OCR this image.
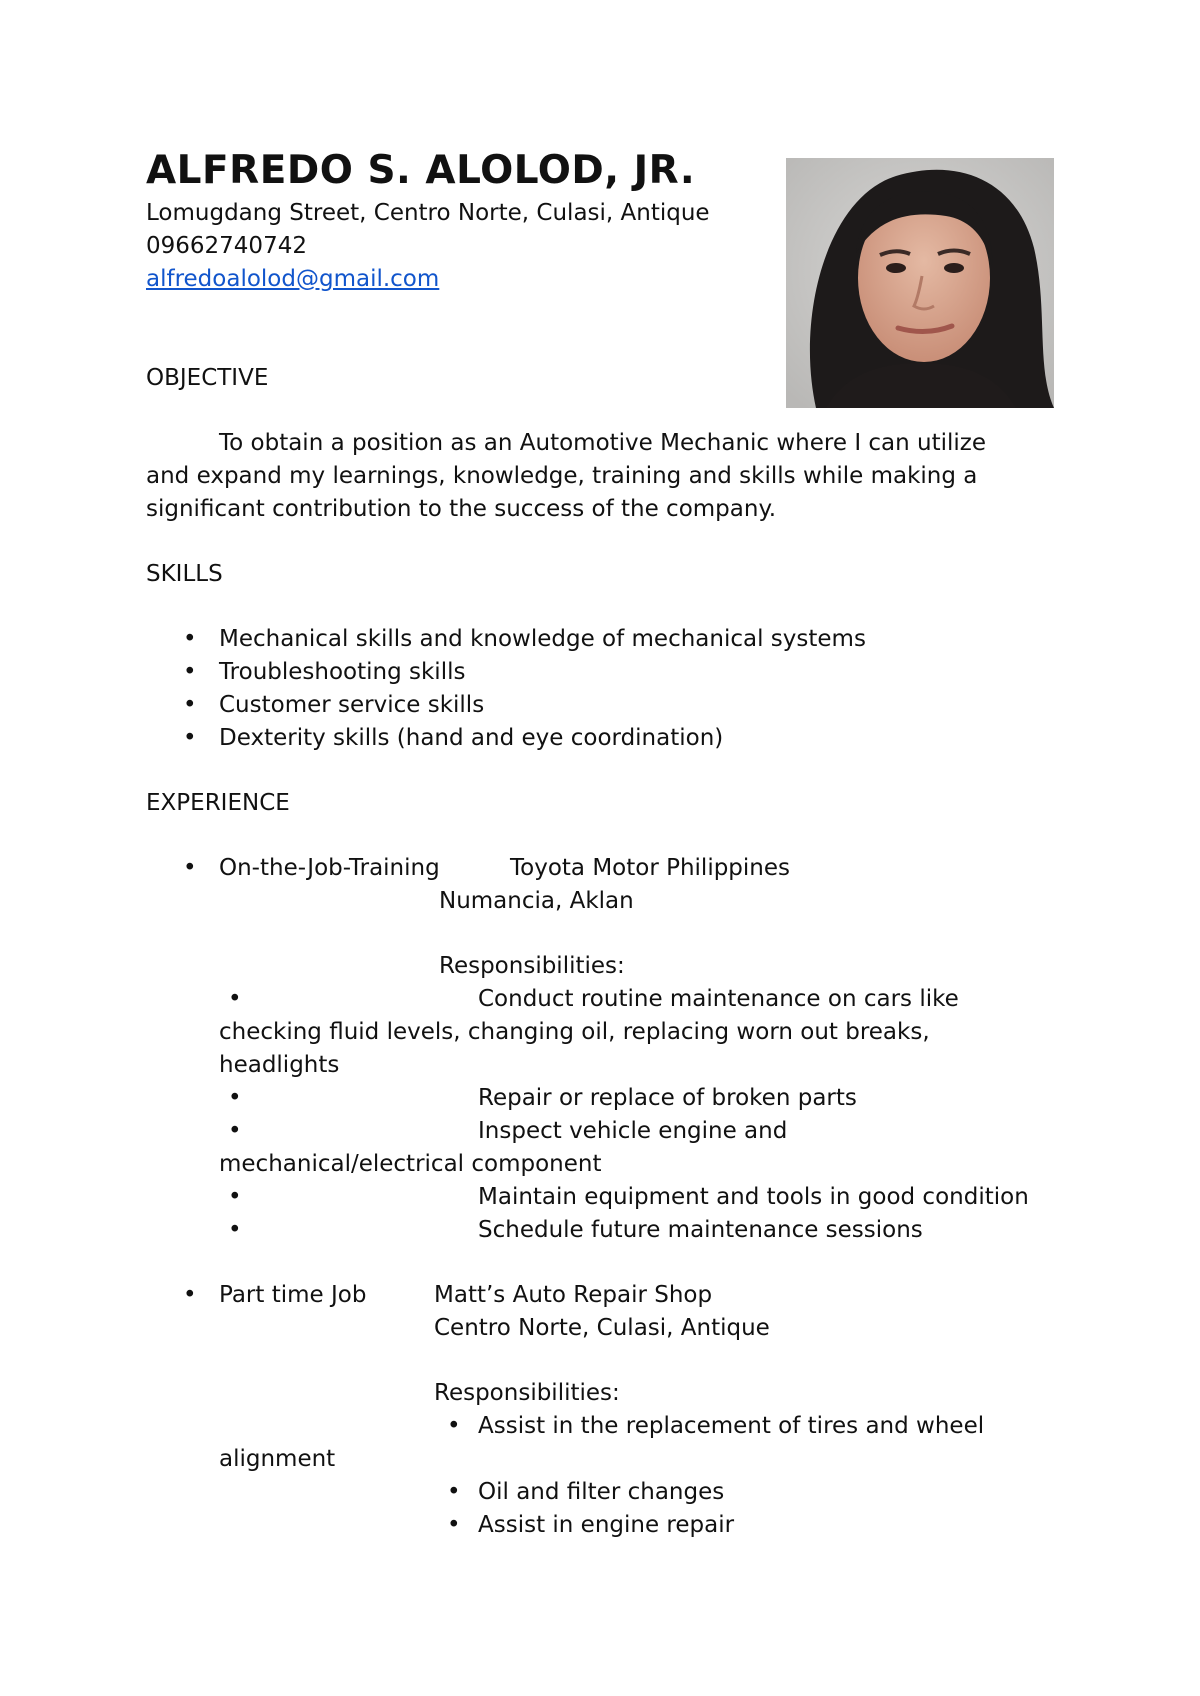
ALFREDO S. ALOLOD, JR.
Lomugdang Street, Centro Norte, Culasi, Antique
09662740742
alfredoalolod@gmail.com
OBJECTIVE
To obtain a position as an Automotive Mechanic where I can utilize
and expand my learnings, knowledge, training and skills while making a
significant contribution to the success of the company.
SKILLS
•
Mechanical skills and knowledge of mechanical systems
•
Troubleshooting skills
•
Customer service skills
•
Dexterity skills (hand and eye coordination)
EXPERIENCE
•
On-the-Job-Training	Toyota Motor Philippines
Numancia, Aklan
Responsibilities:
•
Conduct routine maintenance on cars like
checking fluid levels, changing oil, replacing worn out breaks,
headlights
•
Repair or replace of broken parts
•
Inspect vehicle engine and
mechanical/electrical component
•
Maintain equipment and tools in good condition
•
Schedule future maintenance sessions
•
Part time Job	Matt’s Auto Repair Shop
Centro Norte, Culasi, Antique
Responsibilities:
•
Assist in the replacement of tires and wheel
alignment
•
Oil and filter changes
•
Assist in engine repair
